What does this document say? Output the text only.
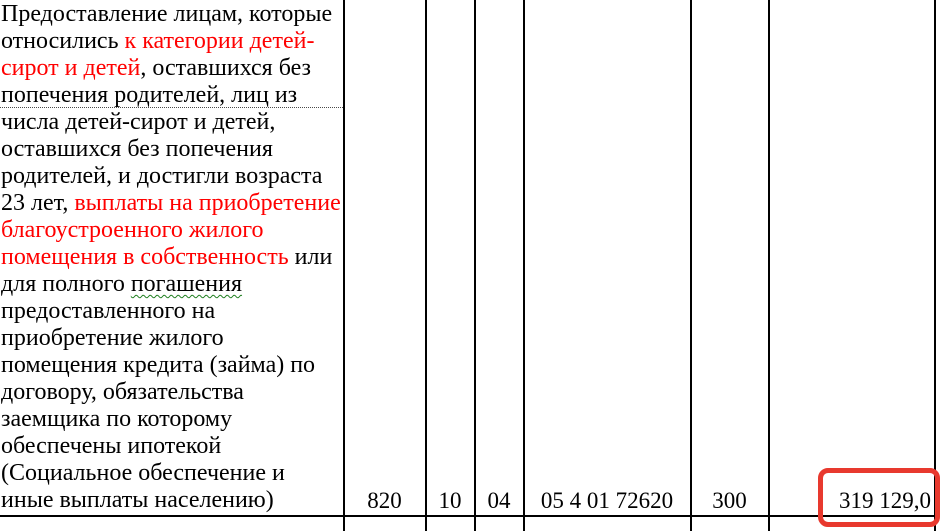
Предоставление лицам, которые относились к категории детей-сирот и детей, оставшихся без попечения родителей, лиц из числа детей-сирот и детей, оставшихся без попечения родителей, и достигли возраста 23 лет, выплаты на приобретение благоустроенного жилого помещения в собственность или для полного погашения предоставленного на приобретение жилого помещения кредита (займа) по договору, обязательства заемщика по которому обеспечены ипотекой (Социальное обеспечение и иные выплаты населению)	820	10	04	05 4 01 72620	300	319 129,0
